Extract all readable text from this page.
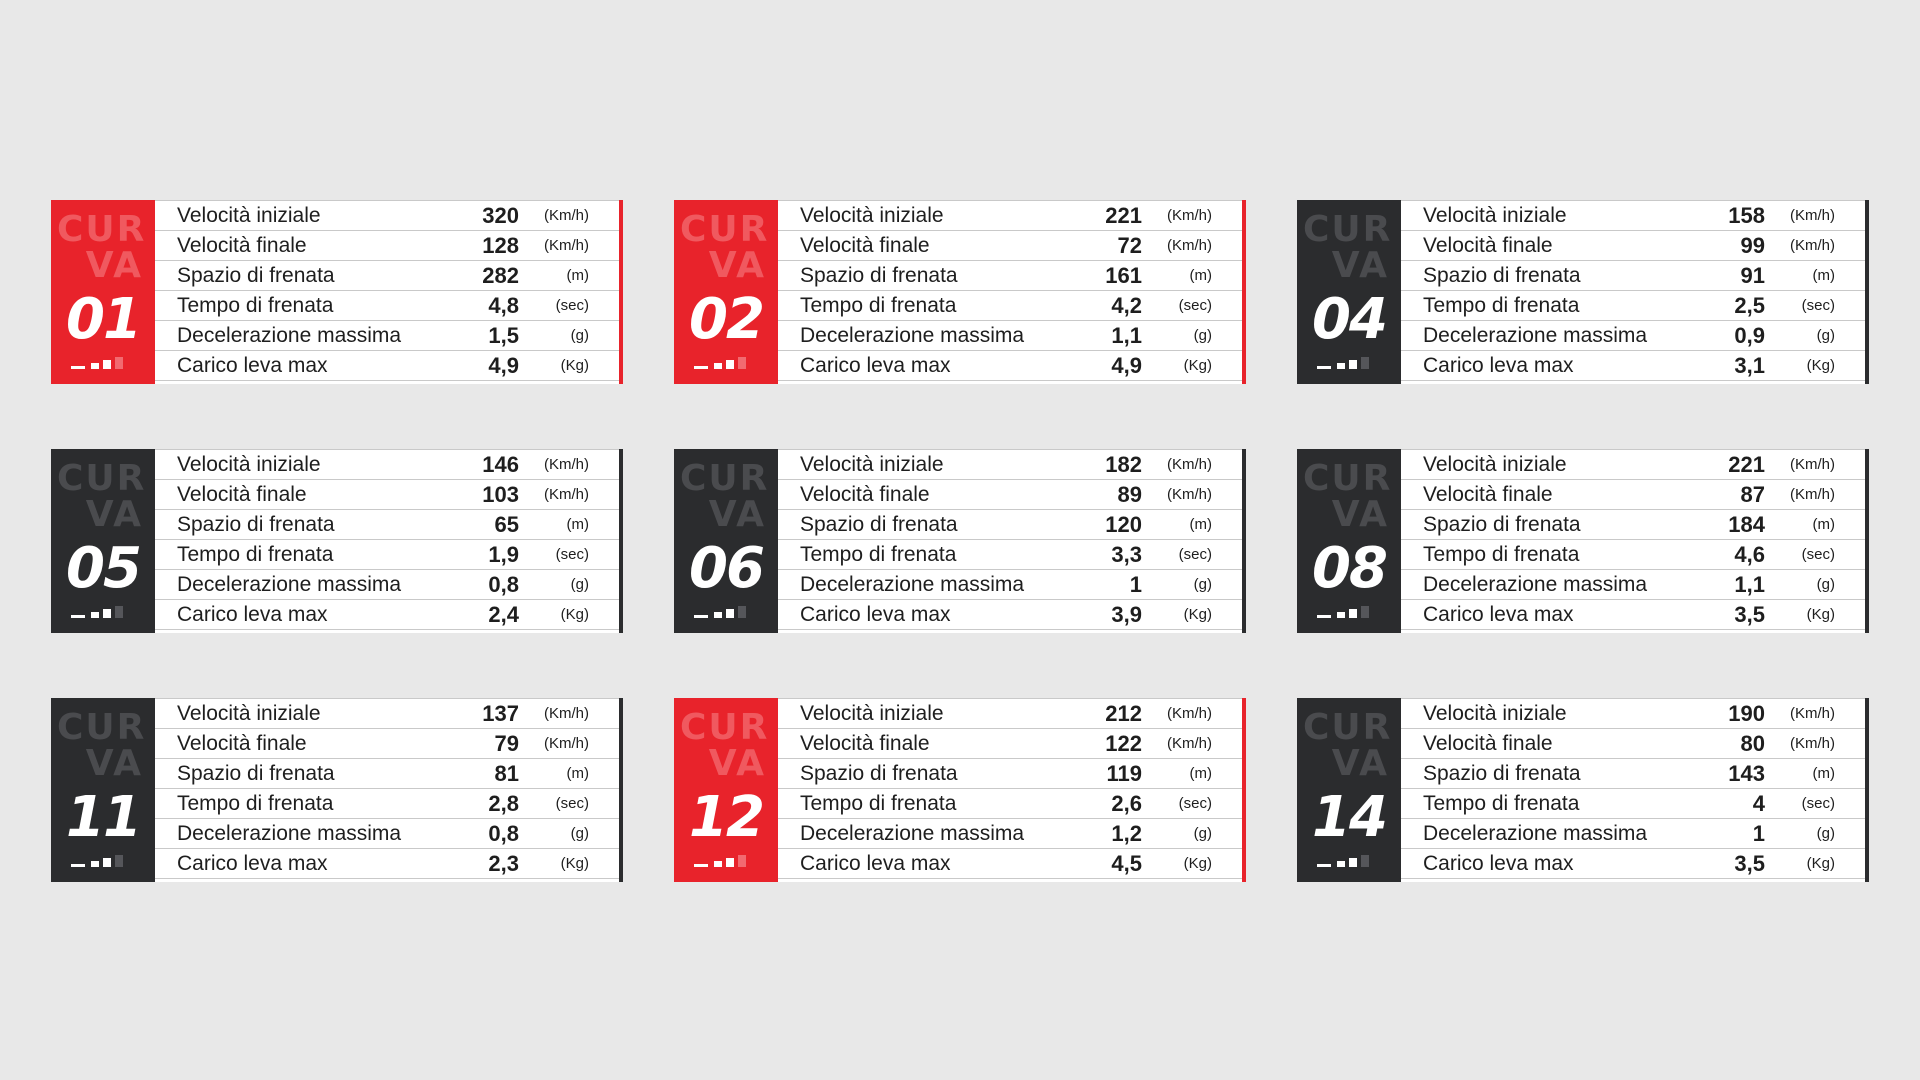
CUR
VA
01
Velocità iniziale	320	(Km/h)
Velocità finale	128	(Km/h)
Spazio di frenata	282	(m)
Tempo di frenata	4,8	(sec)
Decelerazione massima	1,5	(g)
Carico leva max	4,9	(Kg)
CUR
VA
02
Velocità iniziale	221	(Km/h)
Velocità finale	72	(Km/h)
Spazio di frenata	161	(m)
Tempo di frenata	4,2	(sec)
Decelerazione massima	1,1	(g)
Carico leva max	4,9	(Kg)
CUR
VA
04
Velocità iniziale	158	(Km/h)
Velocità finale	99	(Km/h)
Spazio di frenata	91	(m)
Tempo di frenata	2,5	(sec)
Decelerazione massima	0,9	(g)
Carico leva max	3,1	(Kg)
CUR
VA
05
Velocità iniziale	146	(Km/h)
Velocità finale	103	(Km/h)
Spazio di frenata	65	(m)
Tempo di frenata	1,9	(sec)
Decelerazione massima	0,8	(g)
Carico leva max	2,4	(Kg)
CUR
VA
06
Velocità iniziale	182	(Km/h)
Velocità finale	89	(Km/h)
Spazio di frenata	120	(m)
Tempo di frenata	3,3	(sec)
Decelerazione massima	1	(g)
Carico leva max	3,9	(Kg)
CUR
VA
08
Velocità iniziale	221	(Km/h)
Velocità finale	87	(Km/h)
Spazio di frenata	184	(m)
Tempo di frenata	4,6	(sec)
Decelerazione massima	1,1	(g)
Carico leva max	3,5	(Kg)
CUR
VA
11
Velocità iniziale	137	(Km/h)
Velocità finale	79	(Km/h)
Spazio di frenata	81	(m)
Tempo di frenata	2,8	(sec)
Decelerazione massima	0,8	(g)
Carico leva max	2,3	(Kg)
CUR
VA
12
Velocità iniziale	212	(Km/h)
Velocità finale	122	(Km/h)
Spazio di frenata	119	(m)
Tempo di frenata	2,6	(sec)
Decelerazione massima	1,2	(g)
Carico leva max	4,5	(Kg)
CUR
VA
14
Velocità iniziale	190	(Km/h)
Velocità finale	80	(Km/h)
Spazio di frenata	143	(m)
Tempo di frenata	4	(sec)
Decelerazione massima	1	(g)
Carico leva max	3,5	(Kg)
